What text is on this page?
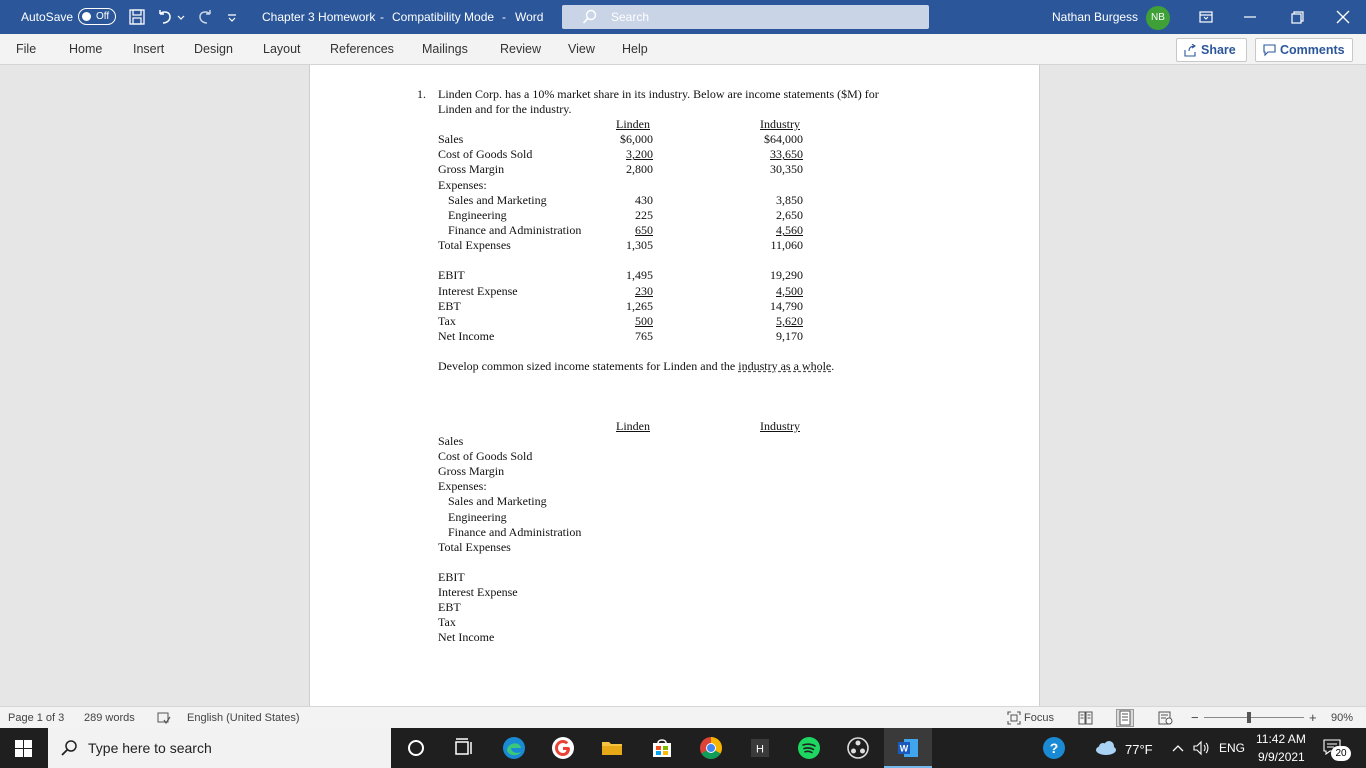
AutoSave Off	Chapter 3 Homework - Compatibility Mode - Word	Search	Nathan Burgess	NB
File	Home Insert Design Layout References Mailings	Review View Help	Share	Comments
1. Linden Corp. has a 10% market share in its industry. Below are income statements ($M) for
Linden and for the industry.
Linden	Industry
Sales	$6,000	$64,000
Cost of Goods Sold	3,200	33,650
Gross Margin	2,800	30,350
Expenses:
Sales and Marketing	430	3,850
Engineering	225	2,650
Finance and Administration	650	4,560
Total Expenses	1,305	11,060
EBIT	1,495	19,290
Interest Expense	230	4,500
EBT	1,265	14,790
Tax	500	5,620
Net Income	765	9,170
Develop common sized income statements for Linden and the industry as a whole.
Linden	Industry
Sales
Cost of Goods Sold
Gross Margin
Expenses:
Sales and Marketing
Engineering
Finance and Administration
Total Expenses
EBIT
Interest Expense
EBT
Tax
Net Income
Page 1 of 3 289 words	English (United States)	Focus	−	+ 90%
Type here to search	H	W	?	77°F	ENG
11:42 AM
9/9/2021	20
